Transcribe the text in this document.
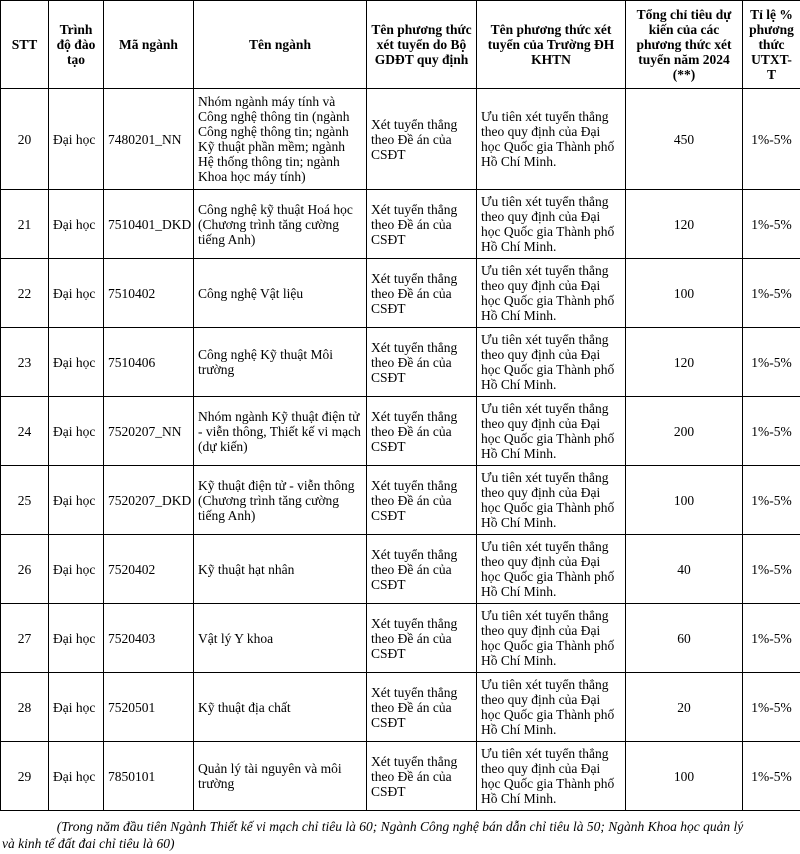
STT	Trình độ đào tạo	Mã ngành	Tên ngành	Tên phương thức xét tuyển do Bộ GDĐT quy định	Tên phương thức xét tuyển của Trường ĐH KHTN	Tổng chỉ tiêu dự kiến của các phương thức xét tuyển năm 2024 (**)	Tỉ lệ % phương thức UTXT-T
20	Đại học	7480201_NN	Nhóm ngành máy tính và Công nghệ thông tin (ngành Công nghệ thông tin; ngành Kỹ thuật phần mềm; ngành Hệ thống thông tin; ngành Khoa học máy tính)	Xét tuyển thẳng theo Đề án của CSĐT	Ưu tiên xét tuyển thẳng theo quy định của Đại học Quốc gia Thành phố Hồ Chí Minh.	450	1%-5%
21	Đại học	7510401_DKD	Công nghệ kỹ thuật Hoá học (Chương trình tăng cường tiếng Anh)	Xét tuyển thẳng theo Đề án của CSĐT	Ưu tiên xét tuyển thẳng theo quy định của Đại học Quốc gia Thành phố Hồ Chí Minh.	120	1%-5%
22	Đại học	7510402	Công nghệ Vật liệu	Xét tuyển thẳng theo Đề án của CSĐT	Ưu tiên xét tuyển thẳng theo quy định của Đại học Quốc gia Thành phố Hồ Chí Minh.	100	1%-5%
23	Đại học	7510406	Công nghệ Kỹ thuật Môi trường	Xét tuyển thẳng theo Đề án của CSĐT	Ưu tiên xét tuyển thẳng theo quy định của Đại học Quốc gia Thành phố Hồ Chí Minh.	120	1%-5%
24	Đại học	7520207_NN	Nhóm ngành Kỹ thuật điện tử - viễn thông, Thiết kế vi mạch (dự kiến)	Xét tuyển thẳng theo Đề án của CSĐT	Ưu tiên xét tuyển thẳng theo quy định của Đại học Quốc gia Thành phố Hồ Chí Minh.	200	1%-5%
25	Đại học	7520207_DKD	Kỹ thuật điện tử - viễn thông (Chương trình tăng cường tiếng Anh)	Xét tuyển thẳng theo Đề án của CSĐT	Ưu tiên xét tuyển thẳng theo quy định của Đại học Quốc gia Thành phố Hồ Chí Minh.	100	1%-5%
26	Đại học	7520402	Kỹ thuật hạt nhân	Xét tuyển thẳng theo Đề án của CSĐT	Ưu tiên xét tuyển thẳng theo quy định của Đại học Quốc gia Thành phố Hồ Chí Minh.	40	1%-5%
27	Đại học	7520403	Vật lý Y khoa	Xét tuyển thẳng theo Đề án của CSĐT	Ưu tiên xét tuyển thẳng theo quy định của Đại học Quốc gia Thành phố Hồ Chí Minh.	60	1%-5%
28	Đại học	7520501	Kỹ thuật địa chất	Xét tuyển thẳng theo Đề án của CSĐT	Ưu tiên xét tuyển thẳng theo quy định của Đại học Quốc gia Thành phố Hồ Chí Minh.	20	1%-5%
29	Đại học	7850101	Quản lý tài nguyên và môi trường	Xét tuyển thẳng theo Đề án của CSĐT	Ưu tiên xét tuyển thẳng theo quy định của Đại học Quốc gia Thành phố Hồ Chí Minh.	100	1%-5%
(Trong năm đầu tiên Ngành Thiết kế vi mạch chỉ tiêu là 60; Ngành Công nghệ bán dẫn chỉ tiêu là 50; Ngành Khoa học quản lý
và kinh tế đất đai chỉ tiêu là 60)
